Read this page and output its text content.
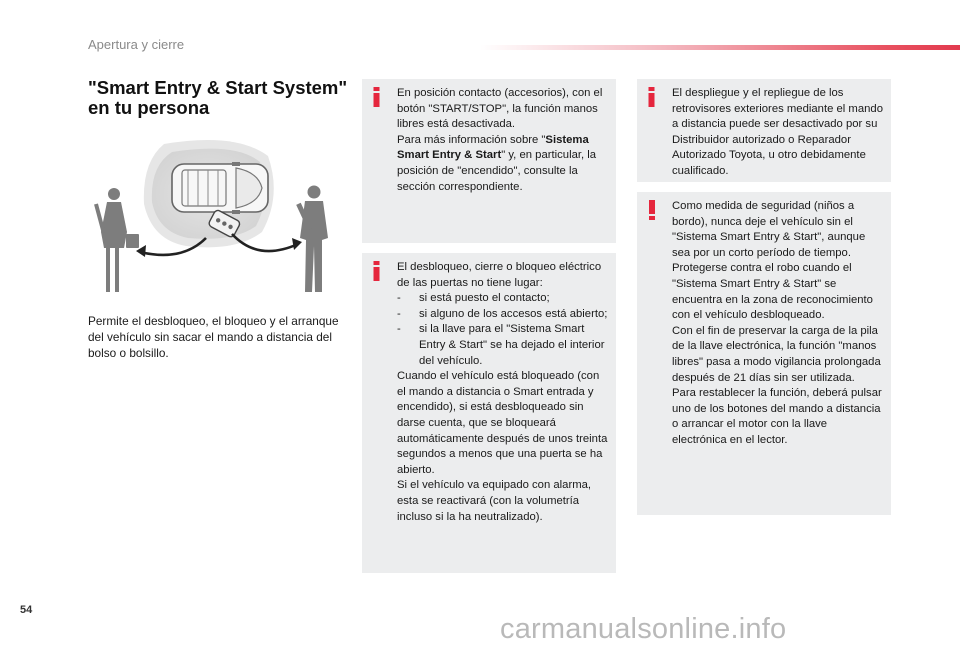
Apertura y cierre
"Smart Entry & Start System" en tu persona
Permite el desbloqueo, el bloqueo y el arranque del vehículo sin sacar el mando a distancia del bolso o bolsillo.

En posición contacto (accesorios), con el botón "START/STOP", la función manos libres está desactivada.

Para más información sobre "Sistema Smart Entry & Start" y, en particular, la posición de "encendido", consulte la sección correspondiente.

El desbloqueo, cierre o bloqueo eléctrico de las puertas no tiene lugar:

-	si está puesto el contacto;
-	si alguno de los accesos está abierto;
-	si la llave para el "Sistema Smart Entry & Start" se ha dejado el interior del vehículo.

Cuando el vehículo está bloqueado (con el mando a distancia o Smart entrada y encendido), si está desbloqueado sin darse cuenta, que se bloqueará automáticamente después de unos treinta segundos a menos que una puerta se ha abierto.

Si el vehículo va equipado con alarma, esta se reactivará (con la volumetría incluso si la ha neutralizado).

El despliegue y el repliegue de los retrovisores exteriores mediante el mando a distancia puede ser desactivado por su Distribuidor autorizado o Reparador Autorizado Toyota, u otro debidamente cualificado.

Como medida de seguridad (niños a bordo), nunca deje el vehículo sin el "Sistema Smart Entry & Start", aunque sea por un corto período de tiempo.

Protegerse contra el robo cuando el "Sistema Smart Entry & Start" se encuentra en la zona de reconocimiento con el vehículo desbloqueado.

Con el fin de preservar la carga de la pila de la llave electrónica, la función "manos libres" pasa a modo vigilancia prolongada después de 21 días sin ser utilizada.

Para restablecer la función, deberá pulsar uno de los botones del mando a distancia o arrancar el motor con la llave electrónica en el lector.

54
carmanualsonline.info
